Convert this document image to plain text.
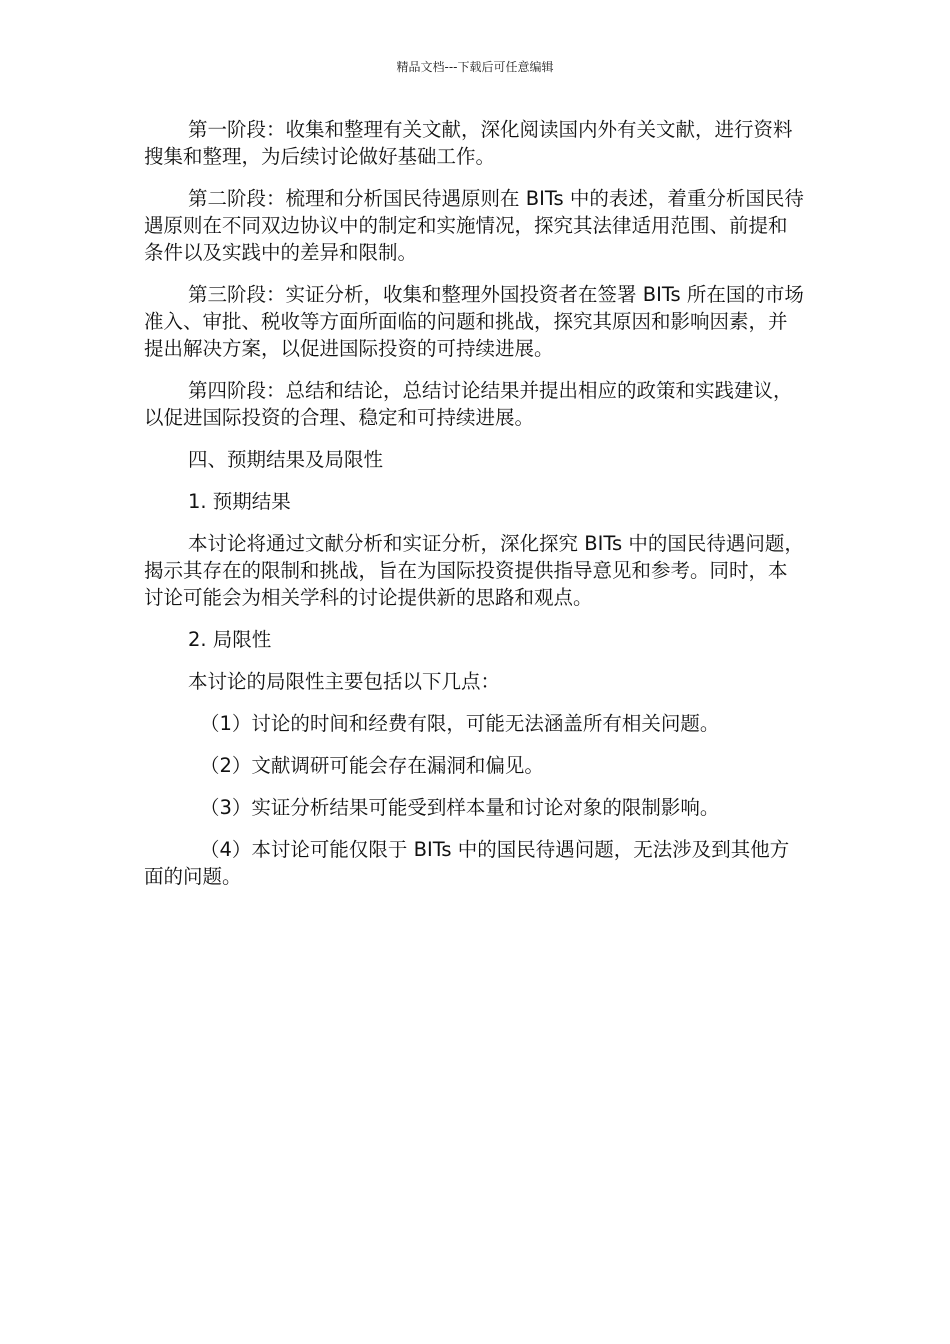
精品文档---下载后可任意编辑

第一阶段：收集和整理有关文献，深化阅读国内外有关文献，进行资料搜集和整理，为后续讨论做好基础工作。

第二阶段：梳理和分析国民待遇原则在 BITs 中的表述，着重分析国民待遇原则在不同双边协议中的制定和实施情况，探究其法律适用范围、前提和条件以及实践中的差异和限制。

第三阶段：实证分析，收集和整理外国投资者在签署 BITs 所在国的市场准入、审批、税收等方面所面临的问题和挑战，探究其原因和影响因素，并提出解决方案，以促进国际投资的可持续进展。

第四阶段：总结和结论，总结讨论结果并提出相应的政策和实践建议，以促进国际投资的合理、稳定和可持续进展。

四、预期结果及局限性

1. 预期结果

本讨论将通过文献分析和实证分析，深化探究 BITs 中的国民待遇问题，揭示其存在的限制和挑战，旨在为国际投资提供指导意见和参考。同时，本讨论可能会为相关学科的讨论提供新的思路和观点。

2. 局限性

本讨论的局限性主要包括以下几点：

（1）讨论的时间和经费有限，可能无法涵盖所有相关问题。

（2）文献调研可能会存在漏洞和偏见。

（3）实证分析结果可能受到样本量和讨论对象的限制影响。

（4）本讨论可能仅限于 BITs 中的国民待遇问题，无法涉及到其他方面的问题。
